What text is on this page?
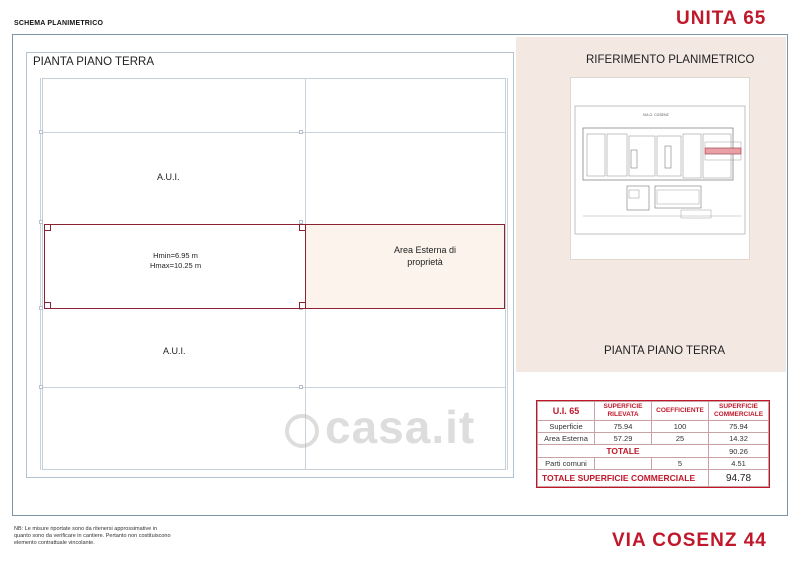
SCHEMA PLANIMETRICO	UNITA 65
PIANTA PIANO TERRA
A.U.I.
Hmin=6.95 m
Hmax=10.25 m
Area Esterna di
proprietà
A.U.I.
casa.it
RIFERIMENTO PLANIMETRICO
VIA G. COSENZ
PIANTA PIANO TERRA
U.I. 65	SUPERFICIE RILEVATA	COEFFICIENTE	SUPERFICIE COMMERCIALE
Superficie	75.94	100	75.94
Area Esterna	57.29	25	14.32
TOTALE			90.26
Parti comuni		5	4.51
TOTALE SUPERFICIE COMMERCIALE			94.78
NB: Le misure riportate sono da ritenersi approssimative in quanto sono da verificare in cantiere. Pertanto non costituiscono elemento contrattuale vincolante.	VIA COSENZ 44
